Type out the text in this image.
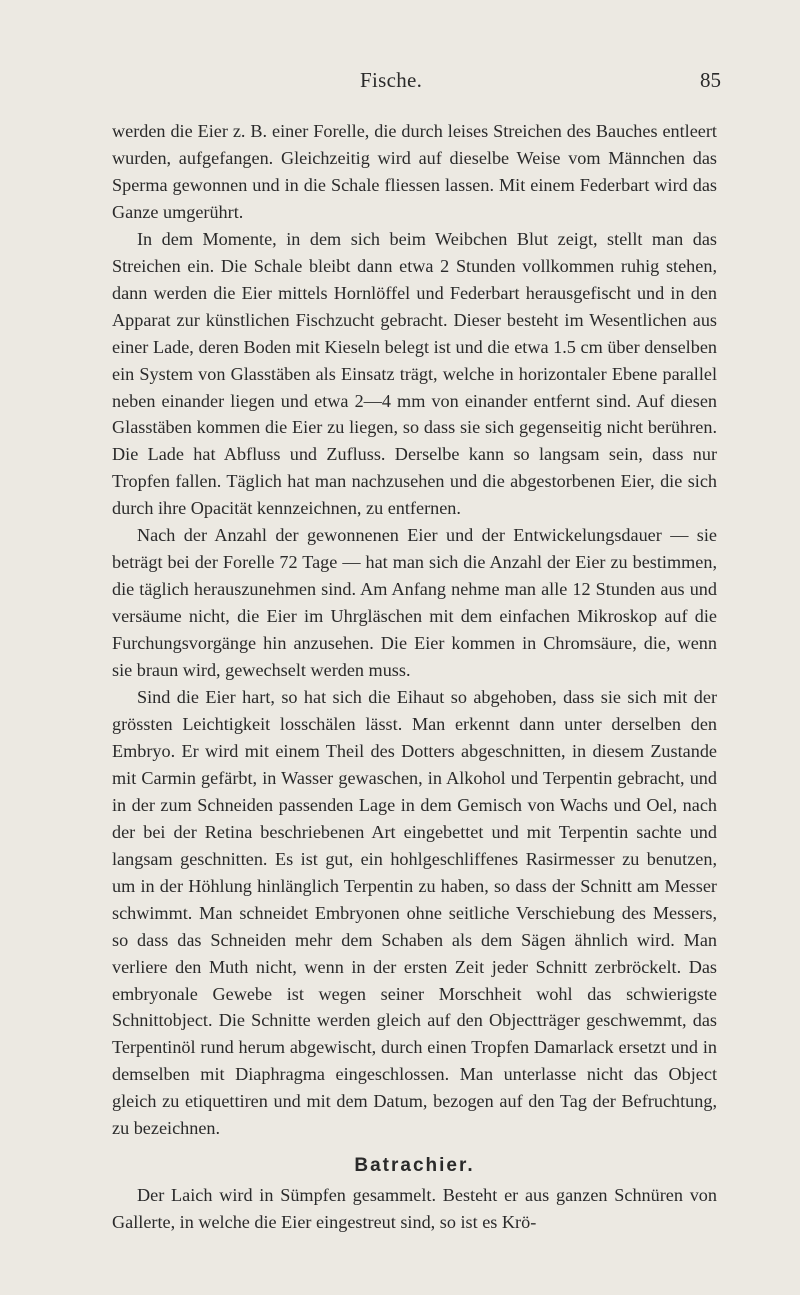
Fische.	85

werden die Eier z. B. einer Forelle, die durch leises Streichen des Bauches entleert wurden, aufgefangen. Gleichzeitig wird auf dieselbe Weise vom Männchen das Sperma gewonnen und in die Schale fliessen lassen. Mit einem Federbart wird das Ganze umgerührt.

In dem Momente, in dem sich beim Weibchen Blut zeigt, stellt man das Streichen ein. Die Schale bleibt dann etwa 2 Stunden vollkommen ruhig stehen, dann werden die Eier mittels Hornlöffel und Federbart herausgefischt und in den Apparat zur künstlichen Fischzucht gebracht. Dieser besteht im Wesentlichen aus einer Lade, deren Boden mit Kieseln belegt ist und die etwa 1.5 cm über denselben ein System von Glasstäben als Einsatz trägt, welche in horizontaler Ebene parallel neben einander liegen und etwa 2—4 mm von einander entfernt sind. Auf diesen Glasstäben kommen die Eier zu liegen, so dass sie sich gegenseitig nicht berühren. Die Lade hat Abfluss und Zufluss. Derselbe kann so langsam sein, dass nur Tropfen fallen. Täglich hat man nachzusehen und die abgestorbenen Eier, die sich durch ihre Opacität kennzeichnen, zu entfernen.

Nach der Anzahl der gewonnenen Eier und der Entwickelungsdauer — sie beträgt bei der Forelle 72 Tage — hat man sich die Anzahl der Eier zu bestimmen, die täglich herauszunehmen sind. Am Anfang nehme man alle 12 Stunden aus und versäume nicht, die Eier im Uhrgläschen mit dem einfachen Mikroskop auf die Furchungsvorgänge hin anzusehen. Die Eier kommen in Chromsäure, die, wenn sie braun wird, gewechselt werden muss.

Sind die Eier hart, so hat sich die Eihaut so abgehoben, dass sie sich mit der grössten Leichtigkeit losschälen lässt. Man erkennt dann unter derselben den Embryo. Er wird mit einem Theil des Dotters abgeschnitten, in diesem Zustande mit Carmin gefärbt, in Wasser gewaschen, in Alkohol und Terpentin gebracht, und in der zum Schneiden passenden Lage in dem Gemisch von Wachs und Oel, nach der bei der Retina beschriebenen Art eingebettet und mit Terpentin sachte und langsam geschnitten. Es ist gut, ein hohlgeschliffenes Rasirmesser zu benutzen, um in der Höhlung hinlänglich Terpentin zu haben, so dass der Schnitt am Messer schwimmt. Man schneidet Embryonen ohne seitliche Verschiebung des Messers, so dass das Schneiden mehr dem Schaben als dem Sägen ähnlich wird. Man verliere den Muth nicht, wenn in der ersten Zeit jeder Schnitt zerbröckelt. Das embryonale Gewebe ist wegen seiner Morschheit wohl das schwierigste Schnittobject. Die Schnitte werden gleich auf den Objectträger geschwemmt, das Terpentinöl rund herum abgewischt, durch einen Tropfen Damarlack ersetzt und in demselben mit Diaphragma eingeschlossen. Man unterlasse nicht das Object gleich zu etiquettiren und mit dem Datum, bezogen auf den Tag der Befruchtung, zu bezeichnen.

Batrachier.

Der Laich wird in Sümpfen gesammelt. Besteht er aus ganzen Schnüren von Gallerte, in welche die Eier eingestreut sind, so ist es Krö-
